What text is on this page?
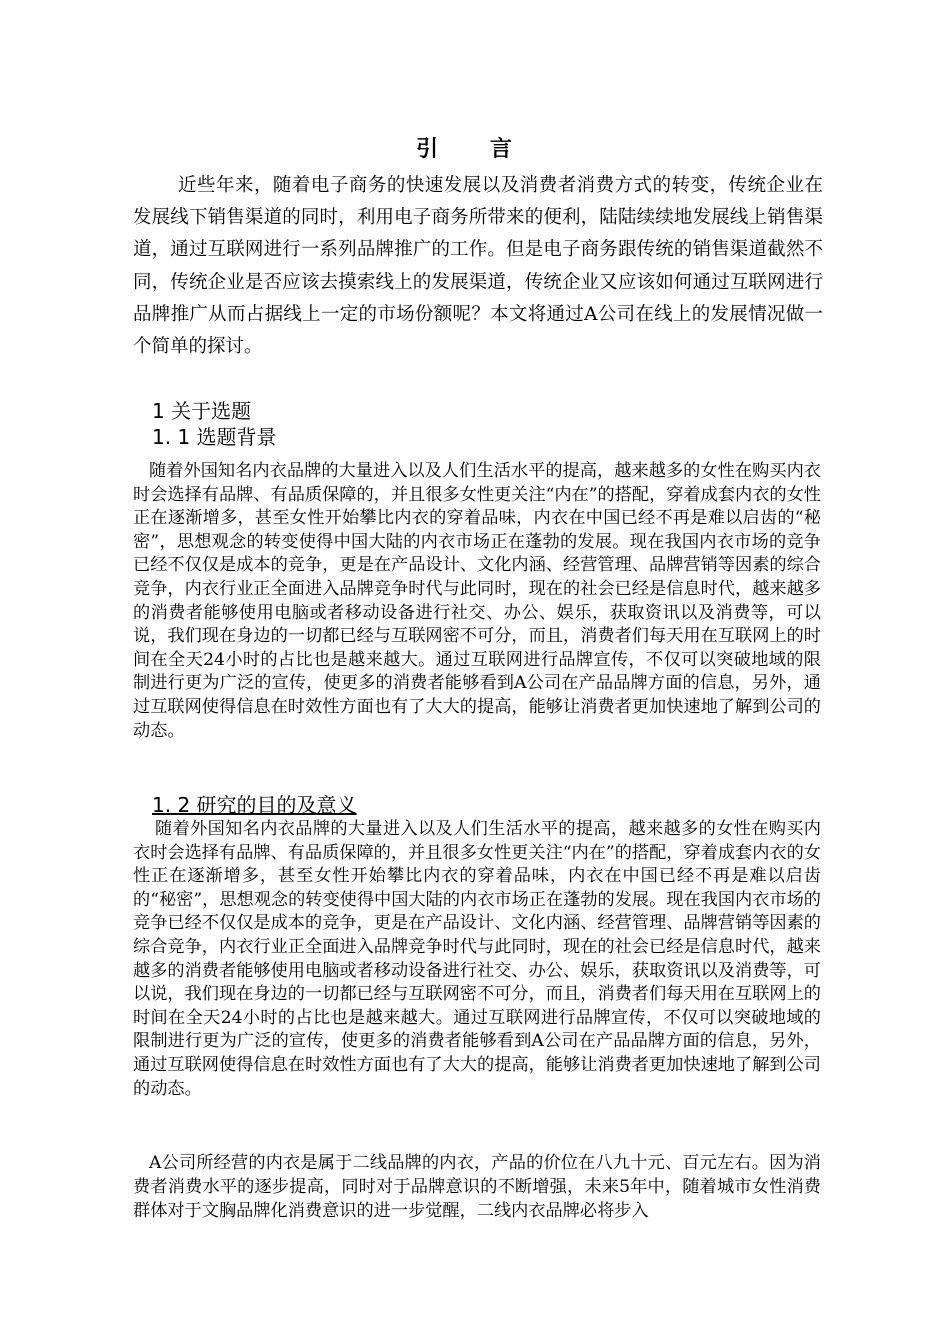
引 言

近些年来，随着电子商务的快速发展以及消费者消费方式的转变，传统企业在发展线下销售渠道的同时，利用电子商务所带来的便利，陆陆续续地发展线上销售渠道，通过互联网进行一系列品牌推广的工作。但是电子商务跟传统的销售渠道截然不同，传统企业是否应该去摸索线上的发展渠道，传统企业又应该如何通过互联网进行品牌推广从而占据线上一定的市场份额呢？本文将通过A公司在线上的发展情况做一个简单的探讨。

1 关于选题

1. 1 选题背景

随着外国知名内衣品牌的大量进入以及人们生活水平的提高，越来越多的女性在购买内衣时会选择有品牌、有品质保障的，并且很多女性更关注“内在”的搭配，穿着成套内衣的女性正在逐渐增多，甚至女性开始攀比内衣的穿着品味，内衣在中国已经不再是难以启齿的“秘密”，思想观念的转变使得中国大陆的内衣市场正在蓬勃的发展。现在我国内衣市场的竞争已经不仅仅是成本的竞争，更是在产品设计、文化内涵、经营管理、品牌营销等因素的综合竞争，内衣行业正全面进入品牌竞争时代与此同时，现在的社会已经是信息时代，越来越多的消费者能够使用电脑或者移动设备进行社交、办公、娱乐，获取资讯以及消费等，可以说，我们现在身边的一切都已经与互联网密不可分，而且，消费者们每天用在互联网上的时间在全天24小时的占比也是越来越大。通过互联网进行品牌宣传，不仅可以突破地域的限制进行更为广泛的宣传，使更多的消费者能够看到A公司在产品品牌方面的信息，另外，通过互联网使得信息在时效性方面也有了大大的提高，能够让消费者更加快速地了解到公司的动态。

1. 2 研究的目的及意义

随着外国知名内衣品牌的大量进入以及人们生活水平的提高，越来越多的女性在购买内衣时会选择有品牌、有品质保障的，并且很多女性更关注“内在”的搭配，穿着成套内衣的女性正在逐渐增多，甚至女性开始攀比内衣的穿着品味，内衣在中国已经不再是难以启齿的“秘密”，思想观念的转变使得中国大陆的内衣市场正在蓬勃的发展。现在我国内衣市场的竞争已经不仅仅是成本的竞争，更是在产品设计、文化内涵、经营管理、品牌营销等因素的综合竞争，内衣行业正全面进入品牌竞争时代与此同时，现在的社会已经是信息时代，越来越多的消费者能够使用电脑或者移动设备进行社交、办公、娱乐，获取资讯以及消费等，可以说，我们现在身边的一切都已经与互联网密不可分，而且，消费者们每天用在互联网上的时间在全天24小时的占比也是越来越大。通过互联网进行品牌宣传，不仅可以突破地域的限制进行更为广泛的宣传，使更多的消费者能够看到A公司在产品品牌方面的信息，另外，通过互联网使得信息在时效性方面也有了大大的提高，能够让消费者更加快速地了解到公司的动态。

A公司所经营的内衣是属于二线品牌的内衣，产品的价位在八九十元、百元左右。因为消费者消费水平的逐步提高，同时对于品牌意识的不断增强，未来5年中，随着城市女性消费群体对于文胸品牌化消费意识的进一步觉醒，二线内衣品牌必将步入
